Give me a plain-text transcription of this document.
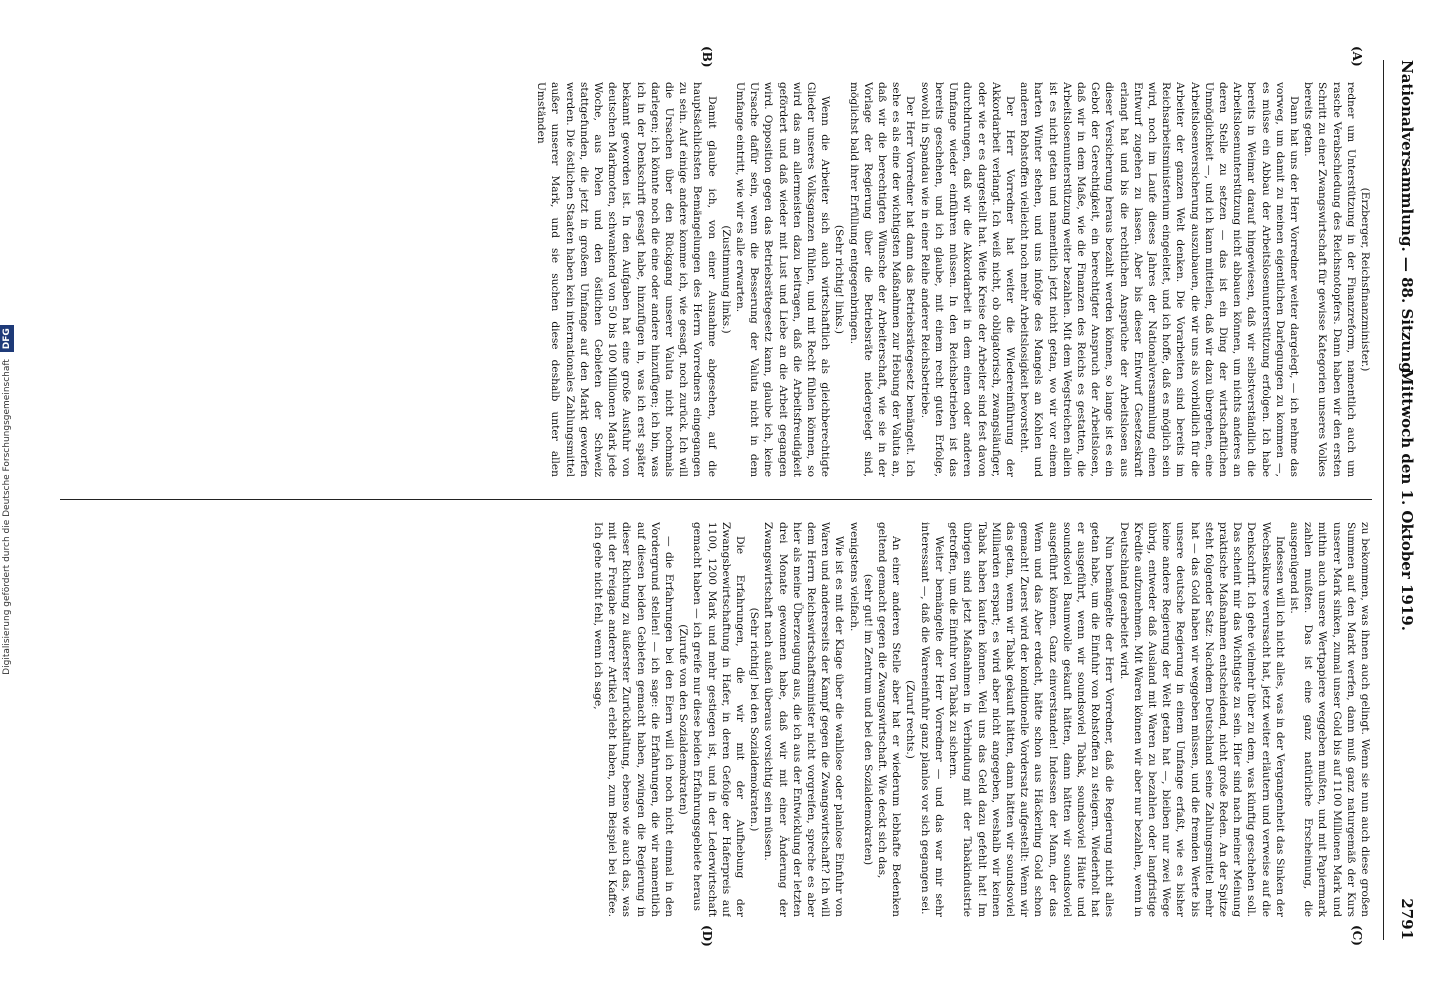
Nationalversammlung. — 88. Sitzung.
Mittwoch den 1. Oktober 1919.
2791
(A)
(B)
(C)
(D)

(Erzberger, Reichsfinanzminister.)

redner um Unterstützung in der Finanzreform, namentlich auch um rasche Verabschiedung des Reichsnotopfers. Dann haben wir den ersten Schritt zu einer Zwangswirtschaft für gewisse Kategorien unseres Volkes bereits getan.

Dann hat uns der Herr Vorredner weiter dargelegt, — ich nehme das vorweg, um damit zu meinen eigentlichen Darlegungen zu kommen —, es müsse ein Abbau der Arbeitslosenunterstützung erfolgen. Ich habe bereits in Weimar darauf hingewiesen, daß wir selbstverständlich die Arbeitslosenunterstützung nicht abbauen können, um nichts anderes an deren Stelle zu setzen — das ist ein Ding der wirtschaftlichen Unmöglichkeit —, und ich kann mitteilen, daß wir dazu übergehen, eine Arbeitslosenversicherung auszubauen, die wir uns als vorbildlich für die Arbeiter der ganzen Welt denken. Die Vorarbeiten sind bereits im Reichsarbeitsministerium eingeleitet, und ich hoffe, daß es möglich sein wird, noch im Laufe dieses Jahres der Nationalversammlung einen Entwurf zugehen zu lassen. Aber bis dieser Entwurf Gesetzeskraft erlangt hat und bis die rechtlichen Ansprüche der Arbeitslosen aus dieser Versicherung heraus bezahlt werden können, so lange ist es ein Gebot der Gerechtigkeit, ein berechtigter Anspruch der Arbeitslosen, daß wir in dem Maße, wie die Finanzen des Reichs es gestatten, die Arbeitslosenunterstützung weiter bezahlen. Mit dem Wegstreichen allein ist es nicht getan und namentlich jetzt nicht getan, wo wir vor einem harten Winter stehen, und uns infolge des Mangels an Kohlen und anderen Rohstoffen vielleicht noch mehr Arbeitslosigkeit bevorsteht.

Der Herr Vorredner hat weiter die Wiedereinführung der Akkordarbeit verlangt. Ich weiß nicht, ob obligatorisch, zwangsläufiger, oder wie er es dargestellt hat. Weite Kreise der Arbeiter sind fest davon durchdrungen, daß wir die Akkordarbeit in dem einen oder anderen Umfange wieder einführen müssen. In den Reichsbetrieben ist das bereits geschehen, und ich glaube, mit einem recht guten Erfolge, sowohl in Spandau wie in einer Reihe anderer Reichsbetriebe.

Der Herr Vorredner hat dann das Betriebsrätegesetz bemängelt. Ich sehe es als eine der wichtigsten Maßnahmen zur Hebung der Valuta an, daß wir die berechtigten Wünsche der Arbeiterschaft, wie sie in der Vorlage der Regierung über die Betriebsräte niedergelegt sind, möglichst bald ihrer Erfüllung entgegenbringen.

(Sehr richtig! links.)

Wenn die Arbeiter sich auch wirtschaftlich als gleichberechtigte Glieder unseres Volksganzen fühlen, und mit Recht fühlen können, so wird das am allermeisten dazu beitragen, daß die Arbeitsfreudigkeit gefördert und daß wieder mit Lust und Liebe an die Arbeit gegangen wird. Opposition gegen das Betriebsrätegesetz kann, glaube ich, keine Ursache dafür sein, wenn die Besserung der Valuta nicht in dem Umfange eintritt, wie wir es alle erwarten.

(Zustimmung links.)

Damit glaube ich, von einer Ausnahme abgesehen, auf die hauptsächlichsten Bemängelungen des Herrn Vorredners eingegangen zu sein. Auf einige andere komme ich, wie gesagt, noch zurück. Ich will die Ursachen über den Rückgang unserer Valuta nicht nochmals darlegen; ich könnte noch die eine oder andere hinzufügen; ich bin, was ich in der Denkschrift gesagt habe, hinzufügen in, was ich erst später bekannt geworden ist. In den Aufgaben hat eine große Ausfuhr von deutschen Markmoten, schwankend von 50 bis 100 Millionen Mark jede Woche, aus Polen und den östlichen Gebieten der Schweiz stattgefunden, die jetzt in großem Umfange auf den Markt geworfen werden. Die östlichen Staaten haben kein internationales Zahlungsmittel außer unserer Mark, und sie suchen diese deshalb unter allen Umständen

zu bekommen, was ihnen auch gelingt. Wenn sie nun auch diese großen Summen auf den Markt werfen, dann muß ganz naturgemäß der Kurs unserer Mark sinken, zumal unser Gold bis auf 1100 Millionen Mark und mithin auch unsere Wertpapiere weggeben mußten, und mit Papiermark zahlen mußten. Das ist eine ganz natürliche Erscheinung, die ausgenügend ist.

Indessen will ich nicht alles, was in der Vergangenheit das Sinken der Wechselkurse verursacht hat, jetzt weiter erläutern und verweise auf die Denkschrift. Ich gehe vielmehr über zu dem, was künftig geschehen soll. Das scheint mir das Wichtigste zu sein. Hier sind nach meiner Meinung praktische Maßnahmen entscheidend, nicht große Reden. An der Spitze steht folgender Satz: Nachdem Deutschland seine Zahlungsmittel mehr hat — das Gold haben wir weggeben müssen, und die fremden Werte bis unsere deutsche Regierung in einem Umfange erfaßt, wie es bisher keine andere Regierung der Welt getan hat —, bleiben nur zwei Wege übrig, entweder daß Ausland mit Waren zu bezahlen oder langfristige Kredite aufzunehmen. Mit Waren können wir aber nur bezahlen, wenn in Deutschland gearbeitet wird.

Nun bemängelte der Herr Vorredner, daß die Regierung nicht alles getan habe, um die Einfuhr von Rohstoffen zu steigern. Wiederholt hat er ausgeführt, wenn wir soundsoviel Tabak, soundsoviel Häute und soundsoviel Baumwolle gekauft hätten, dann hätten wir soundsoviel ausgeführt können. Ganz einverstanden! Indessen der Mann, der das Wenn und das Aber erdacht, hätte schon aus Häckerling Gold schon gemacht! Zuerst wird der konditionelle Vordersatz aufgestellt: Wenn wir das getan, wenn wir Tabak gekauft hätten, dann hätten wir soundsoviel Milliarden erspart; es wird aber nicht angegeben, weshalb wir keinen Tabak haben kaufen können. Weil uns das Geld dazu gefehlt hat! Im übrigen sind jetzt Maßnahmen in Verbindung mit der Tabakindustrie getroffen, um die Einfuhr von Tabak zu sichern.

Weiter bemängelte der Herr Vorredner — und das war mir sehr interessant —, daß die Wareneinfuhr ganz planlos vor sich gegangen sei.

(Zuruf rechts.)

An einer anderen Stelle aber hat er wiederum lebhafte Bedenken geltend gemacht gegen die Zwangswirtschaft. Wie deckt sich das,

(sehr gut! im Zentrum und bei den Sozialdemokraten)

wenigstens vielfach.

Wie ist es mit der Klage über die wahllose oder planlose Einfuhr von Waren und andererseits der Kampf gegen die Zwangswirtschaft? Ich will dem Herrn Reichswirtschaftsminister nicht vorgreifen, spreche es aber hier als meine Überzeugung aus, die ich aus der Entwicklung der letzten drei Monate gewonnen habe, daß wir mit einer Änderung der Zwangswirtschaft nach außen überaus vorsichtig sein müssen.

(Sehr richtig! bei den Sozialdemokraten.)

Die Erfahrungen, die wir mit der Aufhebung der Zwangsbewirtschaftung in Hafer, in deren Gefolge der Haferpreis auf 1100, 1200 Mark und mehr gestiegen ist, und in der Lederwirtschaft gemacht haben — ich greife nur diese beiden Erfahrungsgebiete heraus

(Zurufe von den Sozialdemokraten)

— die Erfahrungen bei den Eiern will ich noch nicht einmal in den Vordergrund stellen! — ich sage: die Erfahrungen, die wir namentlich auf diesen beiden Gebieten gemacht haben, zwingen die Regierung in dieser Richtung zu äußerster Zurückhaltung, ebenso wie auch das, was mit der Freigabe anderer Artikel erlebt haben, zum Beispiel bei Kaffee. Ich gehe nicht fehl, wenn ich sage,

Digitalisierung gefördert durch die Deutsche Forschungsgemeinschaft DFG
